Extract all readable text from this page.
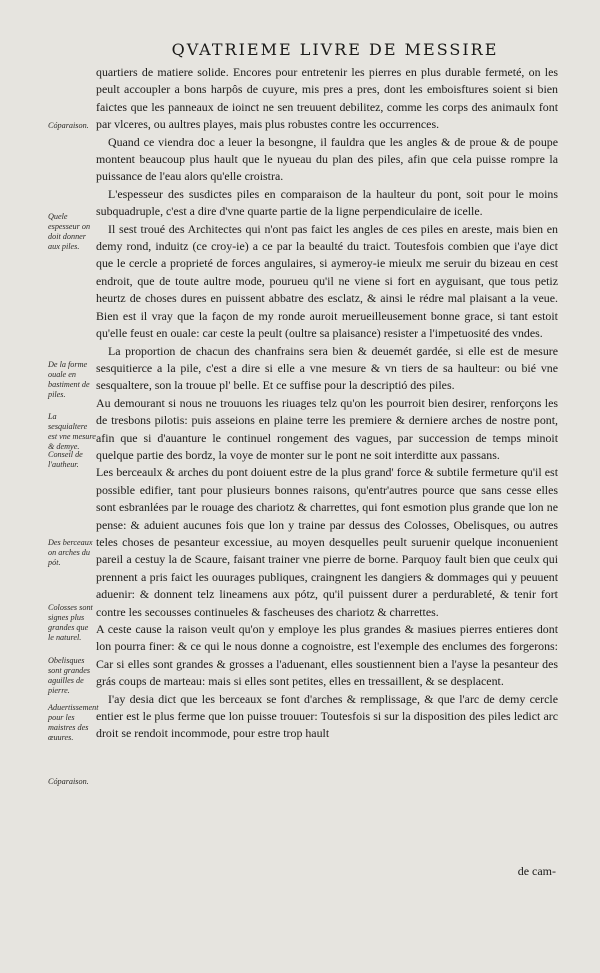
QVATRIEME LIVRE DE MESSIRE

quartiers de matiere solide. Encores pour entretenir les pierres en plus durable fermeté, on les peult accoupler a bons harpôs de cuyure, mis pres a pres, dont les emboisftures soient si bien faictes que les panneaux de ioinct ne sen treuuent debilitez, comme les corps des animaulx font par vlceres, ou aultres playes, mais plus robustes contre les occurrences.

Quand ce viendra doc a leuer la besongne, il fauldra que les angles & de proue & de poupe montent beaucoup plus hault que le nyueau du plan des piles, afin que cela puisse rompre la puissance de l'eau alors qu'elle croistra.

L'espesseur des susdictes piles en comparaison de la haulteur du pont, soit pour le moins subquadruple, c'est a dire d'vne quarte partie de la ligne perpendiculaire de icelle.

Il sest troué des Architectes qui n'ont pas faict les angles de ces piles en areste, mais bien en demy rond, induitz (ce croy-ie) a ce par la beaulté du traict. Toutesfois combien que i'aye dict que le cercle a proprieté de forces angulaires, si aymeroy-ie mieulx me seruir du bizeau en cest endroit, que de toute aultre mode, pourueu qu'il ne viene si fort en ayguisant, que tous petiz heurtz de choses dures en puissent abbatre des esclatz, & ainsi le rédre mal plaisant a la veue. Bien est il vray que la façon de my ronde auroit merueilleusement bonne grace, si tant estoit qu'elle feust en ouale: car ceste la peult (oultre sa plaisance) resister a l'impetuosité des vndes.

La proportion de chacun des chanfrains sera bien & deuemét gardée, si elle est de mesure sesquitierce a la pile, c'est a dire si elle a vne mesure & vn tiers de sa haulteur: ou bié vne sesqualtere, son la trouue pl' belle. Et ce suffise pour la descriptió des piles.

Au demourant si nous ne trouuons les riuages telz qu'on les pourroit bien desirer, renforçons les de tresbons pilotis: puis asseions en plaine terre les premiere & derniere arches de nostre pont, afin que si d'auanture le continuel rongement des vagues, par succession de temps minoit quelque partie des bordz, la voye de monter sur le pont ne soit interditte aux passans.

Les berceaulx & arches du pont doiuent estre de la plus grand' force & subtile fermeture qu'il est possible edifier, tant pour plusieurs bonnes raisons, qu'entr'autres pource que sans cesse elles sont esbranlées par le rouage des chariotz & charrettes, qui font esmotion plus grande que lon ne pense: & aduient aucunes fois que lon y traine par dessus des Colosses, Obelisques, ou autres teles choses de pesanteur excessiue, au moyen desquelles peult suruenir quelque inconuenient pareil a cestuy la de Scaure, faisant trainer vne pierre de borne. Parquoy fault bien que ceulx qui prennent a pris faict les ouurages publiques, craingnent les dangiers & dommages qui y peuuent aduenir: & donnent telz lineamens aux pótz, qu'il puissent durer a perdurableté, & tenir fort contre les secousses continueles & fascheuses des chariotz & charrettes.

A ceste cause la raison veult qu'on y employe les plus grandes & masiues pierres entieres dont lon pourra finer: & ce qui le nous donne a cognoistre, est l'exemple des enclumes des forgerons: Car si elles sont grandes & grosses a l'aduenant, elles soustiennent bien a l'ayse la pesanteur des grás coups de marteau: mais si elles sont petites, elles en tressaillent, & se desplacent.

I'ay desia dict que les berceaux se font d'arches & remplissage, & que l'arc de demy cercle entier est le plus ferme que lon puisse trouuer: Toutesfois si sur la disposition des piles ledict arc droit se rendoit incommode, pour estre trop hault

Cóparaison.
Quele espesseur on doit donner aux piles.
De la forme ouale en bastiment de piles.
La sesquialtere est vne mesure & demye.
Conseil de l'autheur.
Des berceaux on arches du pót.
Colosses sont signes plus grandes que le naturel.
Obelisques sont grandes aguilles de pierre.
Aduertissement pour les maistres des œuures.
Cóparaison.
de cam-
